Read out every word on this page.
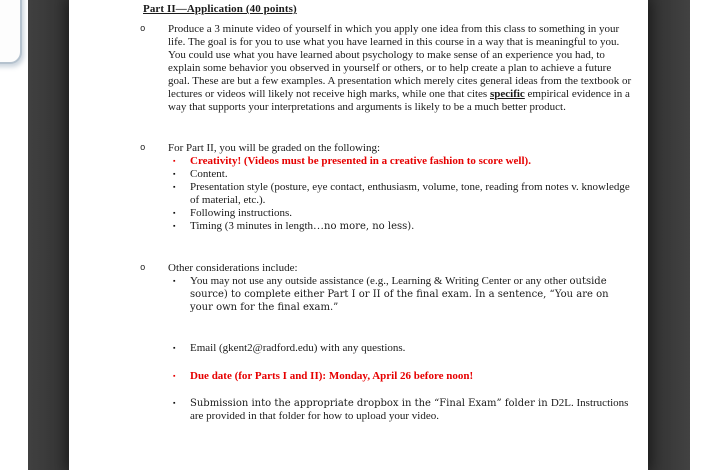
Part II—Application (40 points)
o	Produce a 3 minute video of yourself in which you apply one idea from this class to something in your life. The goal is for you to use what you have learned in this course in a way that is meaningful to you. You could use what you have learned about psychology to make sense of an experience you had, to explain some behavior you observed in yourself or others, or to help create a plan to achieve a future goal. These are but a few examples. A presentation which merely cites general ideas from the textbook or lectures or videos will likely not receive high marks, while one that cites specific empirical evidence in a way that supports your interpretations and arguments is likely to be a much better product.
o	For Part II, you will be graded on the following:
▪	Creativity! (Videos must be presented in a creative fashion to score well).
▪	Content.
▪	Presentation style (posture, eye contact, enthusiasm, volume, tone, reading from notes v. knowledge of material, etc.).
▪	Following instructions.
▪	Timing (3 minutes in length…no more, no less).
o	Other considerations include:
▪	You may not use any outside assistance (e.g., Learning & Writing Center or any other outside source) to complete either Part I or II of the final exam. In a sentence, “You are on your own for the final exam.”
▪	Email (gkent2@radford.edu) with any questions.
▪	Due date (for Parts I and II): Monday, April 26 before noon!
▪	Submission into the appropriate dropbox in the “Final Exam” folder in D2L. Instructions are provided in that folder for how to upload your video.
